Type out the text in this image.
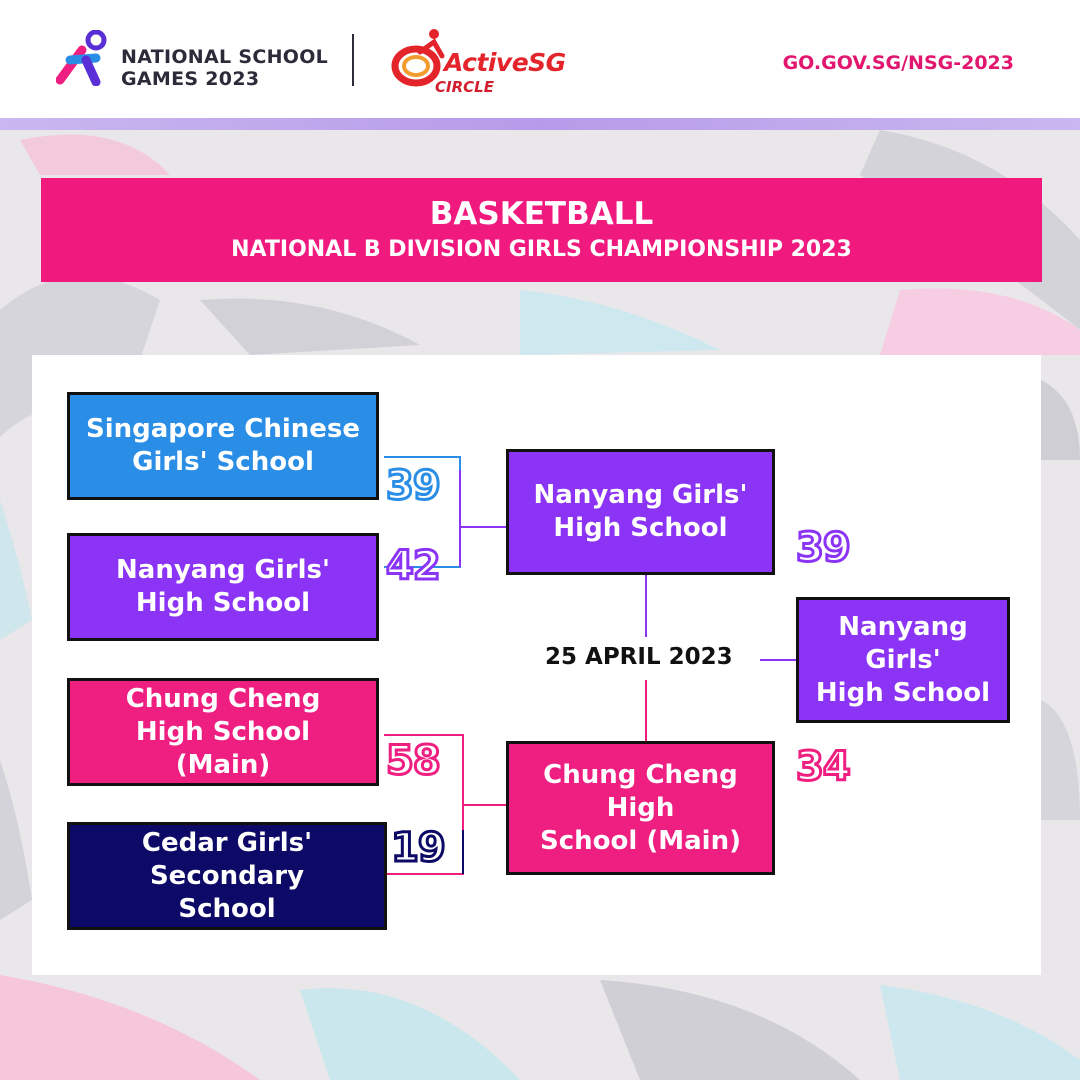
NATIONAL SCHOOL
GAMES 2023
ActiveSG
CIRCLE
GO.GOV.SG/NSG-2023
BASKETBALL
NATIONAL B DIVISION GIRLS CHAMPIONSHIP 2023
Singapore Chinese
Girls' School
39
Nanyang Girls'
High School
42
Chung Cheng
High School
(Main)	58
Cedar Girls'
Secondary
School
19
Nanyang Girls'
High School	39
Chung Cheng
High
School (Main)
34
25 APRIL 2023
Nanyang
Girls'
High School
